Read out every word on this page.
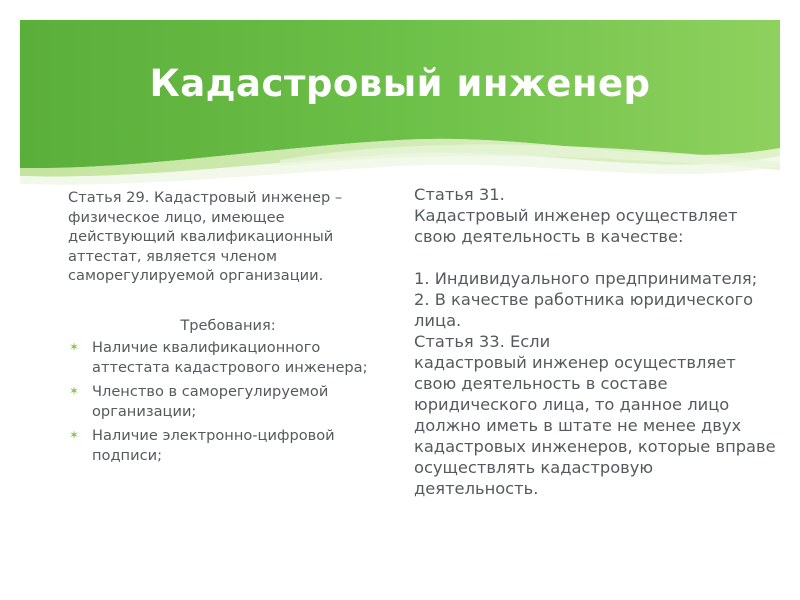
Кадастровый инженер

Статья 29. Кадастровый инженер – физическое лицо, имеющее действующий квалификационный аттестат, является членом саморегулируемой организации.

Требования:

✶ Наличие квалификационного аттестата кадастрового инженера;
✶ Членство в саморегулируемой организации;
✶ Наличие электронно-цифровой подписи;

Статья 31.

Кадастровый инженер осуществляет свою деятельность в качестве:

1. Индивидуального предпринимателя;

2. В качестве работника юридического лица.

Статья 33. Если

кадастровый инженер осуществляет свою деятельность в составе юридического лица, то данное лицо должно иметь в штате не менее двух кадастровых инженеров, которые вправе осуществлять кадастровую деятельность.
